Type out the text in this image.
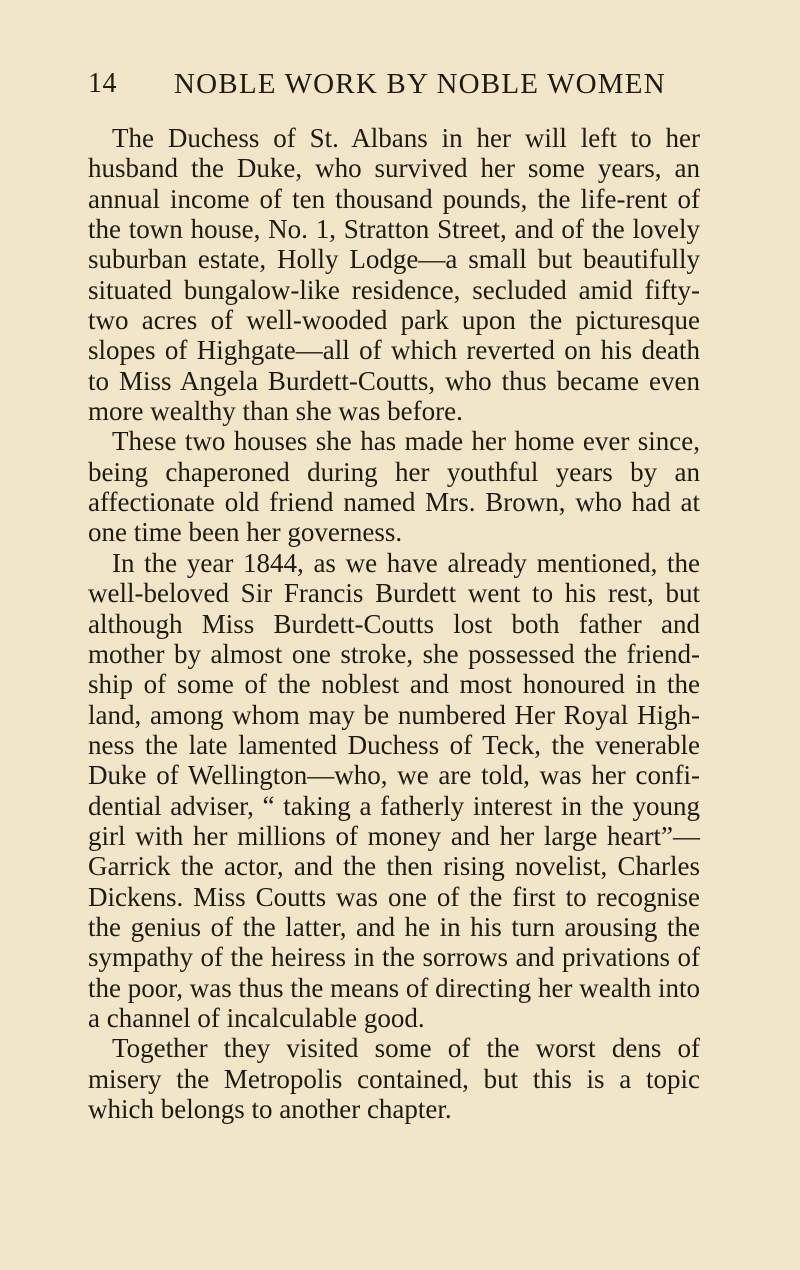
14 NOBLE WORK BY NOBLE WOMEN

The Duchess of St. Albans in her will left to her husband the Duke, who survived her some years, an annual income of ten thousand pounds, the life-rent of the town house, No. 1, Stratton Street, and of the lovely suburban estate, Holly Lodge—a small but beautifully situated bungalow-like residence, secluded amid fifty-two acres of well-wooded park upon the picturesque slopes of Highgate—all of which reverted on his death to Miss Angela Burdett-Coutts, who thus became even more wealthy than she was before.

These two houses she has made her home ever since, being chaperoned during her youthful years by an affectionate old friend named Mrs. Brown, who had at one time been her governess.

In the year 1844, as we have already mentioned, the well-beloved Sir Francis Burdett went to his rest, but although Miss Burdett-Coutts lost both father and mother by almost one stroke, she possessed the friendship of some of the noblest and most honoured in the land, among whom may be numbered Her Royal Highness the late lamented Duchess of Teck, the venerable Duke of Wellington—who, we are told, was her confidential adviser, “ taking a fatherly interest in the young girl with her millions of money and her large heart”— Garrick the actor, and the then rising novelist, Charles Dickens. Miss Coutts was one of the first to recognise the genius of the latter, and he in his turn arousing the sympathy of the heiress in the sorrows and privations of the poor, was thus the means of directing her wealth into a channel of incalculable good.

Together they visited some of the worst dens of misery the Metropolis contained, but this is a topic which belongs to another chapter.
